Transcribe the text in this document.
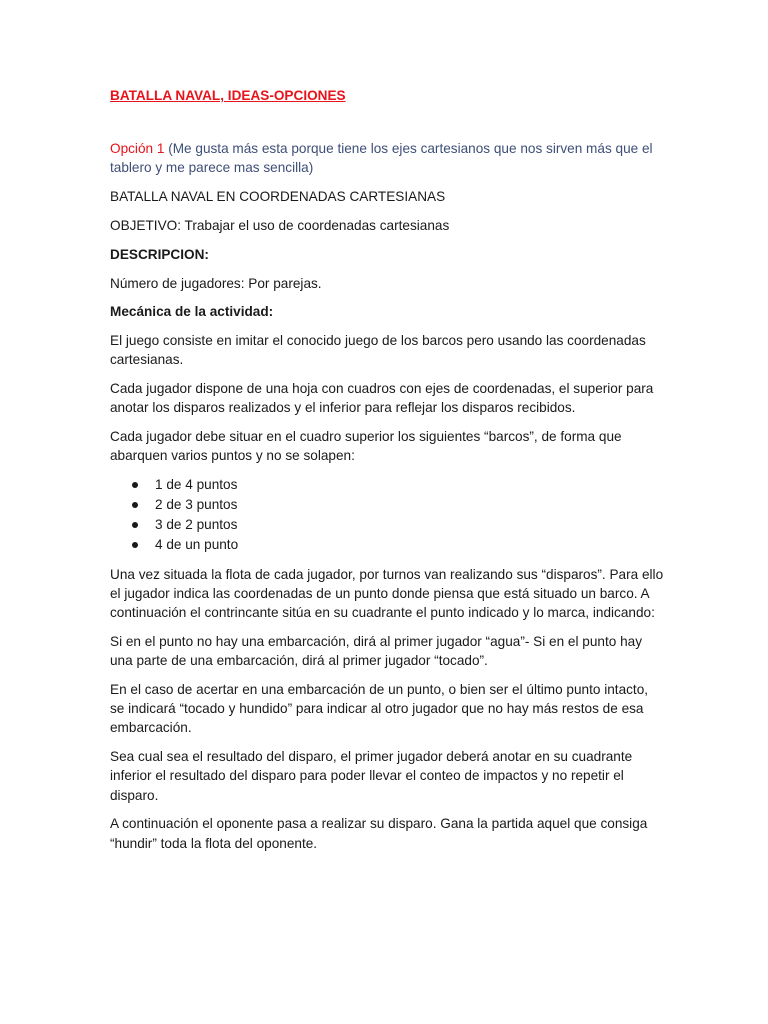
BATALLA NAVAL, IDEAS-OPCIONES

Opción 1 (Me gusta más esta porque tiene los ejes cartesianos que nos sirven más que el tablero y me parece mas sencilla)

BATALLA NAVAL EN COORDENADAS CARTESIANAS

OBJETIVO: Trabajar el uso de coordenadas cartesianas

DESCRIPCION:

Número de jugadores: Por parejas.

Mecánica de la actividad:

El juego consiste en imitar el conocido juego de los barcos pero usando las coordenadas cartesianas.

Cada jugador dispone de una hoja con cuadros con ejes de coordenadas, el superior para anotar los disparos realizados y el inferior para reflejar los disparos recibidos.

Cada jugador debe situar en el cuadro superior los siguientes “barcos”, de forma que abarquen varios puntos y no se solapen:

1 de 4 puntos
2 de 3 puntos
3 de 2 puntos
4 de un punto

Una vez situada la flota de cada jugador, por turnos van realizando sus “disparos”. Para ello el jugador indica las coordenadas de un punto donde piensa que está situado un barco. A continuación el contrincante sitúa en su cuadrante el punto indicado y lo marca, indicando:

Si en el punto no hay una embarcación, dirá al primer jugador “agua”- Si en el punto hay una parte de una embarcación, dirá al primer jugador “tocado”.

En el caso de acertar en una embarcación de un punto, o bien ser el último punto intacto, se indicará “tocado y hundido” para indicar al otro jugador que no hay más restos de esa embarcación.

Sea cual sea el resultado del disparo, el primer jugador deberá anotar en su cuadrante inferior el resultado del disparo para poder llevar el conteo de impactos y no repetir el disparo.

A continuación el oponente pasa a realizar su disparo. Gana la partida aquel que consiga “hundir” toda la flota del oponente.
